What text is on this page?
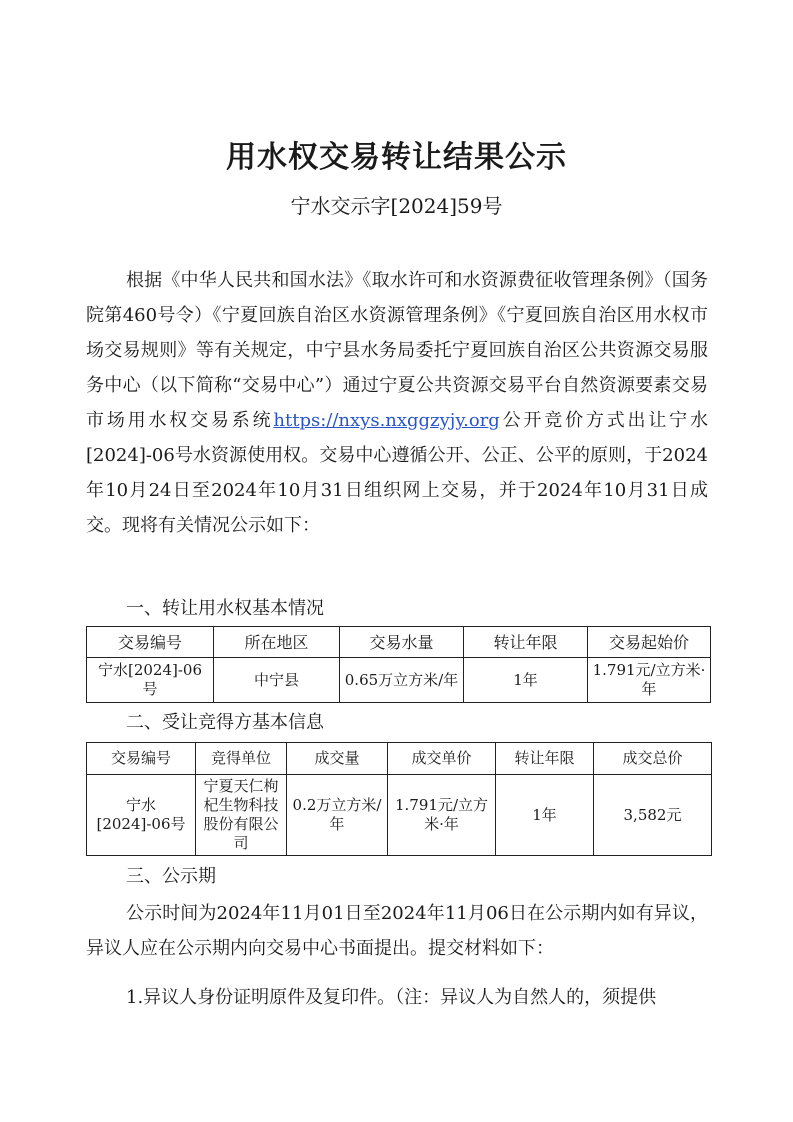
用水权交易转让结果公示
宁水交示字[2024]59号

根据《中华人民共和国水法》《取水许可和水资源费征收管理条例》（国务院第460号令）《宁夏回族自治区水资源管理条例》《宁夏回族自治区用水权市场交易规则》等有关规定，中宁县水务局委托宁夏回族自治区公共资源交易服务中心（以下简称“交易中心”）通过宁夏公共资源交易平台自然资源要素交易市场用水权交易系统https://nxys.nxggzyjy.org公开竞价方式出让宁水[2024]-06号水资源使用权。交易中心遵循公开、公正、公平的原则，于2024年10月24日至2024年10月31日组织网上交易，并于2024年10月31日成交。现将有关情况公示如下：

一、转让用水权基本情况
交易编号	所在地区	交易水量	转让年限	交易起始价
宁水[2024]-06号	中宁县	0.65万立方米/年	1年	1.791元/立方米·年
二、受让竞得方基本信息
交易编号	竞得单位	成交量	成交单价	转让年限	成交总价
宁水[2024]-06号	宁夏天仁枸杞生物科技股份有限公司	0.2万立方米/年	1.791元/立方米·年	1年	3,582元
三、公示期

公示时间为2024年11月01日至2024年11月06日在公示期内如有异议，异议人应在公示期内向交易中心书面提出。提交材料如下：

1.异议人身份证明原件及复印件。（注：异议人为自然人的，须提供
